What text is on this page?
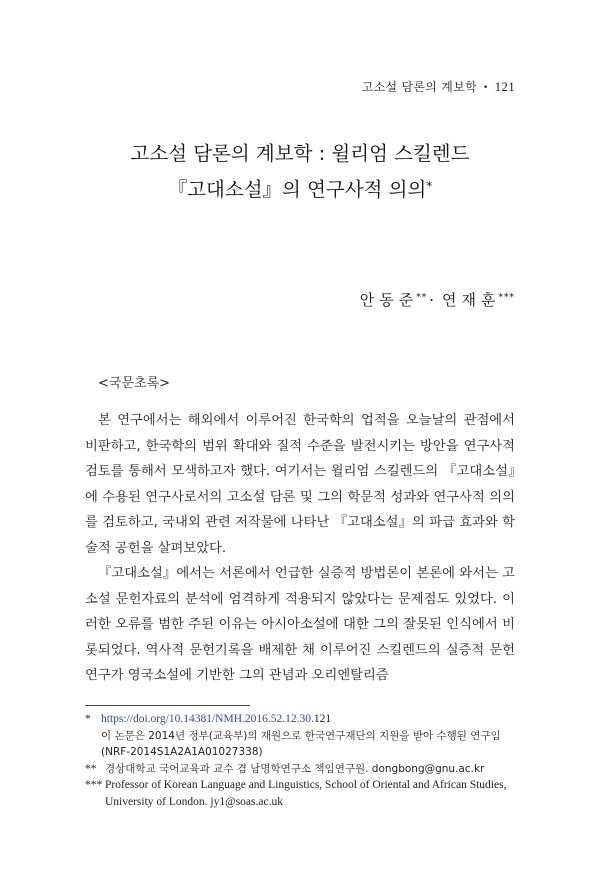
고소설 담론의 계보학 • 121
고소설 담론의 계보학 : 윌리엄 스킬렌드
『고대소설』의 연구사적 의의*
안동준** · 연재훈***
<국문초록>

본 연구에서는 해외에서 이루어진 한국학의 업적을 오늘날의 관점에서 비판하고, 한국학의 범위 확대와 질적 수준을 발전시키는 방안을 연구사적 검토를 통해서 모색하고자 했다. 여기서는 윌리엄 스킬렌드의 『고대소설』에 수용된 연구사로서의 고소설 담론 및 그의 학문적 성과와 연구사적 의의를 검토하고, 국내외 관련 저작물에 나타난 『고대소설』의 파급 효과와 학술적 공헌을 살펴보았다.

『고대소설』에서는 서론에서 언급한 실증적 방법론이 본론에 와서는 고소설 문헌자료의 분석에 엄격하게 적용되지 않았다는 문제점도 있었다. 이러한 오류를 범한 주된 이유는 아시아소설에 대한 그의 잘못된 인식에서 비롯되었다. 역사적 문헌기록을 배제한 채 이루어진 스킬렌드의 실증적 문헌연구가 영국소설에 기반한 그의 관념과 오리엔탈리즘

* https://doi.org/10.14381/NMH.2016.52.12.30.121

이 논문은 2014년 정부(교육부)의 재원으로 한국연구재단의 지원을 받아 수행된 연구임 (NRF-2014S1A2A1A01027338)

** 경상대학교 국어교육과 교수 겸 남명학연구소 책임연구원. dongbong@gnu.ac.kr

*** Professor of Korean Language and Linguistics, School of Oriental and African Studies, University of London. jy1@soas.ac.uk
